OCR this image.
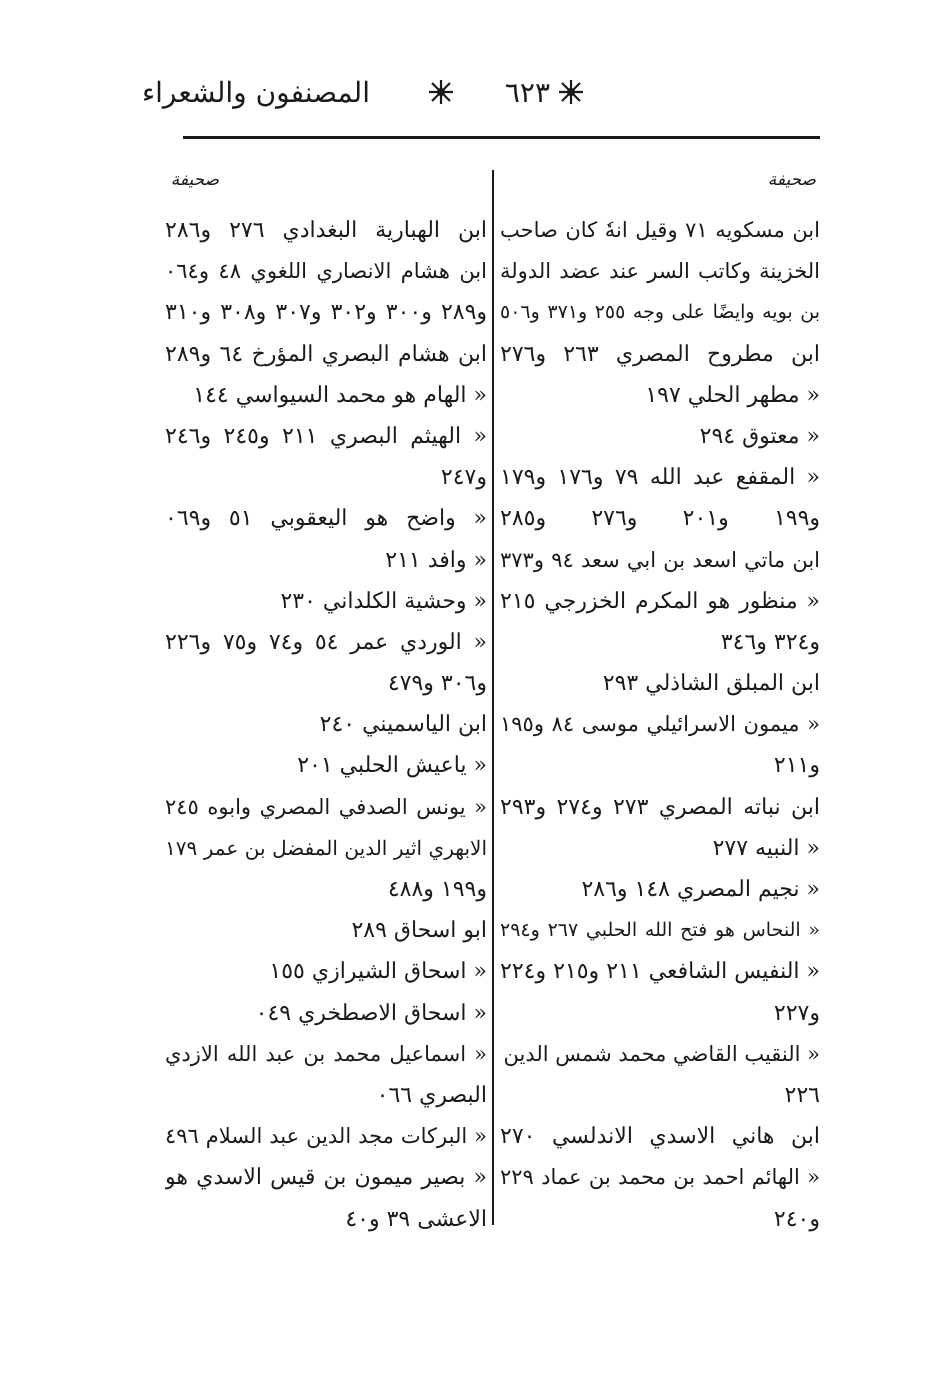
المصنفون والشعراء	٦٢٣
صحيفة
ابن مسكويه ٧١ وقيل انهٗ كان صاحب
الخزينة وكاتب السر عند عضد الدولة
بن بويه وايضًا على وجه ٢٥٥ و٣٧١ و٥٠٦
ابن مطروح المصري ٢٦٣ و٢٧٦
« مطهر الحلي ١٩٧
« معتوق ٢٩٤
« المقفع عبد الله ٧٩ و١٧٦ و١٧٩
و١٩٩ و٢٠١ و٢٧٦ و٢٨٥
ابن ماتي اسعد بن ابي سعد ٩٤ و٣٧٣
« منظور هو المكرم الخزرجي ٢١٥
و٣٢٤ و٣٤٦
ابن المبلق الشاذلي ٢٩٣
« ميمون الاسرائيلي موسى ٨٤ و١٩٥
و٢١١
ابن نباته المصري ٢٧٣ و٢٧٤ و٢٩٣
« النبيه ٢٧٧
« نجيم المصري ١٤٨ و٢٨٦
« النحاس هو فتح الله الحلبي ٢٦٧ و٢٩٤
« النفيس الشافعي ٢١١ و٢١٥ و٢٢٤
و٢٢٧
« النقيب القاضي محمد شمس الدين
٢٢٦
ابن هاني الاسدي الاندلسي ٢٧٠
« الهائم احمد بن محمد بن عماد ٢٢٩
و٢٤٠
صحيفة
ابن الهبارية البغدادي ٢٧٦ و٢٨٦
ابن هشام الانصاري اللغوي ٤٨ و٠٦٤
و٢٨٩ و٣٠٠ و٣٠٢ و٣٠٧ و٣٠٨ و٣١٠
ابن هشام البصري المؤرخ ٦٤ و٢٨٩
« الهام هو محمد السيواسي ١٤٤
« الهيثم البصري ٢١١ و٢٤٥ و٢٤٦
و٢٤٧
« واضح هو اليعقوبي ٥١ و٠٦٩
« وافد ٢١١
« وحشية الكلداني ٢٣٠
« الوردي عمر ٥٤ و٧٤ و٧٥ و٢٢٦
و٣٠٦ و٤٧٩
ابن الياسميني ٢٤٠
« ياعيش الحلبي ٢٠١
« يونس الصدفي المصري وابوه ٢٤٥
الابهري اثير الدين المفضل بن عمر ١٧٩
و١٩٩ و٤٨٨
ابو اسحاق ٢٨٩
« اسحاق الشيرازي ١٥٥
« اسحاق الاصطخري ٠٤٩
« اسماعيل محمد بن عبد الله الازدي
البصري ٠٦٦
« البركات مجد الدين عبد السلام ٤٩٦
« بصير ميمون بن قيس الاسدي هو
الاعشى ٣٩ و٤٠
